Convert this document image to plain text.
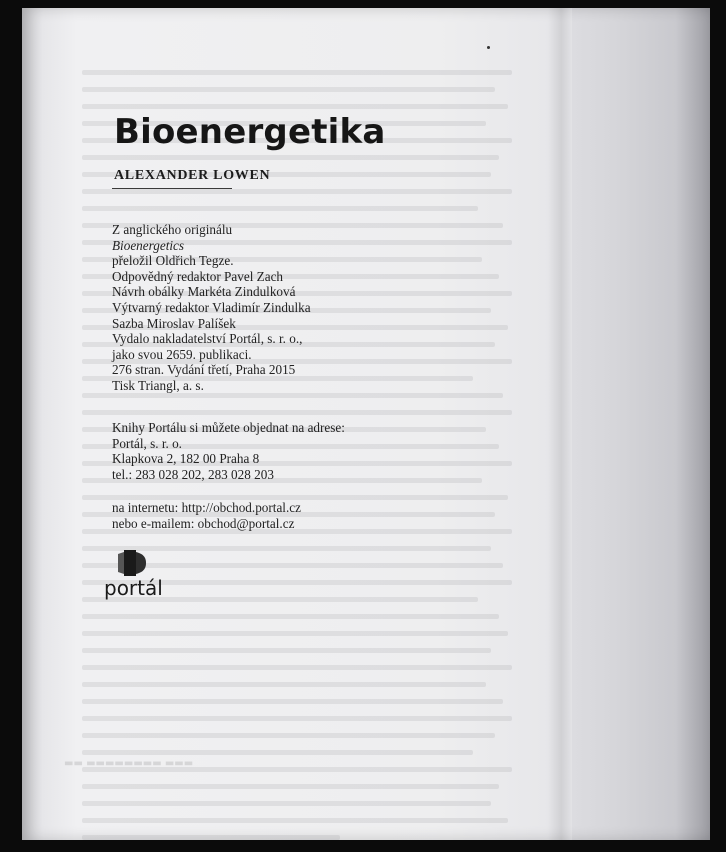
Bioenergetika

ALEXANDER LOWEN

Z anglického originálu
Bioenergetics
přeložil Oldřich Tegze.
Odpovědný redaktor Pavel Zach
Návrh obálky Markéta Zindulková
Výtvarný redaktor Vladimír Zindulka
Sazba Miroslav Palíšek
Vydalo nakladatelství Portál, s. r. o.,
jako svou 2659. publikaci.
276 stran. Vydání třetí, Praha 2015
Tisk Triangl, a. s.
Knihy Portálu si můžete objednat na adrese:
Portál, s. r. o.
Klapkova 2, 182 00 Praha 8
tel.: 283 028 202, 283 028 203
na internetu: http://obchod.portal.cz
nebo e-mailem: obchod@portal.cz
portál
▬▬ ▬▬▬▬▬▬▬▬ ▬▬▬
